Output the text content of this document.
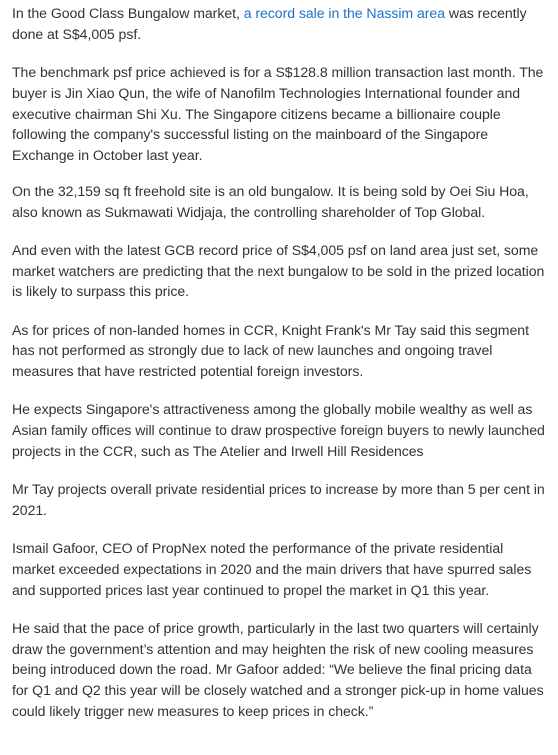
In the Good Class Bungalow market, a record sale in the Nassim area was recently done at S$4,005 psf.

The benchmark psf price achieved is for a S$128.8 million transaction last month. The buyer is Jin Xiao Qun, the wife of Nanofilm Technologies International founder and executive chairman Shi Xu. The Singapore citizens became a billionaire couple following the company's successful listing on the mainboard of the Singapore Exchange in October last year.

On the 32,159 sq ft freehold site is an old bungalow. It is being sold by Oei Siu Hoa, also known as Sukmawati Widjaja, the controlling shareholder of Top Global.

And even with the latest GCB record price of S$4,005 psf on land area just set, some market watchers are predicting that the next bungalow to be sold in the prized location is likely to surpass this price.

As for prices of non-landed homes in CCR, Knight Frank's Mr Tay said this segment has not performed as strongly due to lack of new launches and ongoing travel measures that have restricted potential foreign investors.

He expects Singapore's attractiveness among the globally mobile wealthy as well as Asian family offices will continue to draw prospective foreign buyers to newly launched projects in the CCR, such as The Atelier and Irwell Hill Residences

Mr Tay projects overall private residential prices to increase by more than 5 per cent in 2021.

Ismail Gafoor, CEO of PropNex noted the performance of the private residential market exceeded expectations in 2020 and the main drivers that have spurred sales and supported prices last year continued to propel the market in Q1 this year.

He said that the pace of price growth, particularly in the last two quarters will certainly draw the government’s attention and may heighten the risk of new cooling measures being introduced down the road. Mr Gafoor added: “We believe the final pricing data for Q1 and Q2 this year will be closely watched and a stronger pick-up in home values could likely trigger new measures to keep prices in check.”
